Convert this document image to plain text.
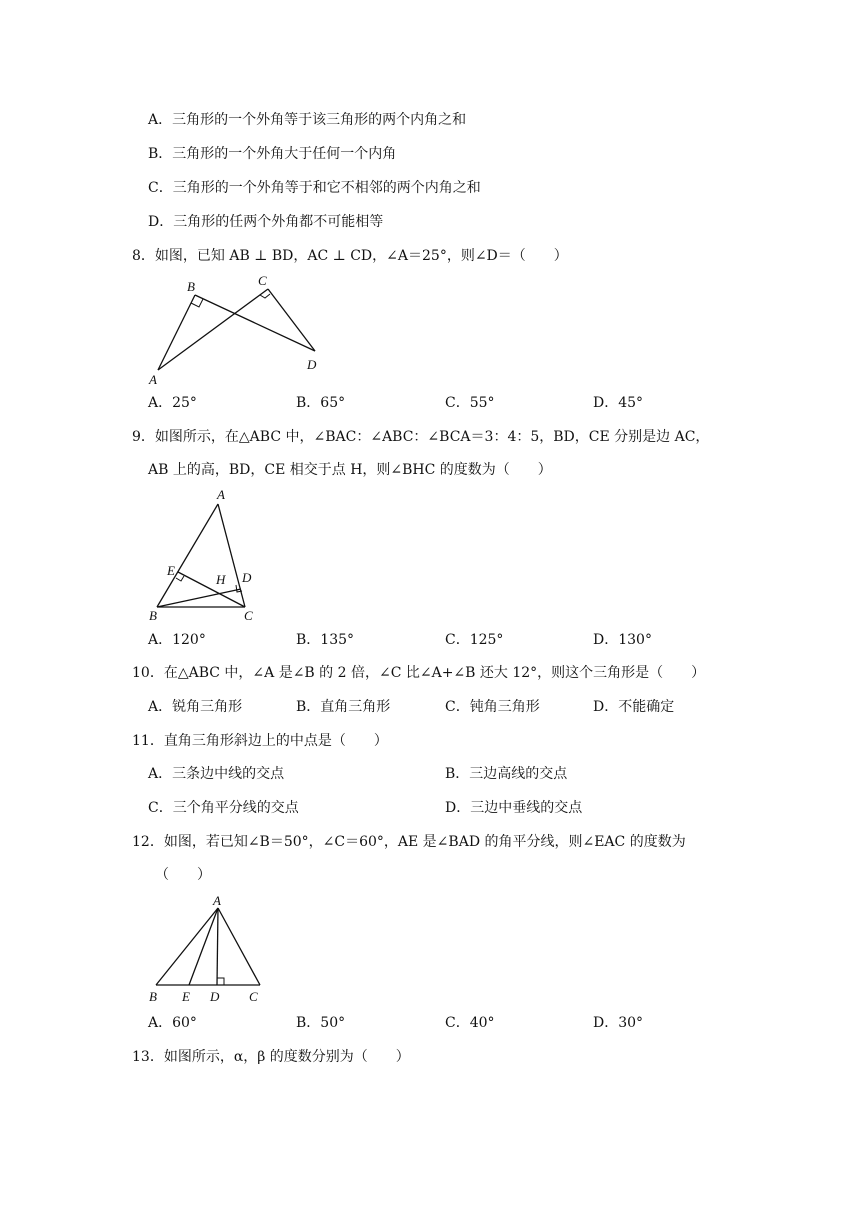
A．三角形的一个外角等于该三角形的两个内角之和
B．三角形的一个外角大于任何一个内角
C．三角形的一个外角等于和它不相邻的两个内角之和
D．三角形的任两个外角都不可能相等
8．如图，已知 AB ⊥ BD，AC ⊥ CD，∠A＝25°，则∠D＝（　　）
B	C
A
D
A．25°	B．65°	C．55°	D．45°
9．如图所示，在△ABC 中，∠BAC：∠ABC：∠BCA＝3：4：5，BD，CE 分别是边 AC，
AB 上的高，BD，CE 相交于点 H，则∠BHC 的度数为（　　）
A
E
H D
B	C
A．120°	B．135°	C．125°	D．130°
10．在△ABC 中，∠A 是∠B 的 2 倍，∠C 比∠A+∠B 还大 12°，则这个三角形是（　　）
A．锐角三角形	B．直角三角形	C．钝角三角形	D．不能确定
11．直角三角形斜边上的中点是（　　）
A．三条边中线的交点	B．三边高线的交点
C．三个角平分线的交点	D．三边中垂线的交点
12．如图，若已知∠B＝50°，∠C＝60°，AE 是∠BAD 的角平分线，则∠EAC 的度数为
（　　）
A
B E D C
A．60°	B．50°	C．40°	D．30°
13．如图所示，α，β 的度数分别为（　　）
